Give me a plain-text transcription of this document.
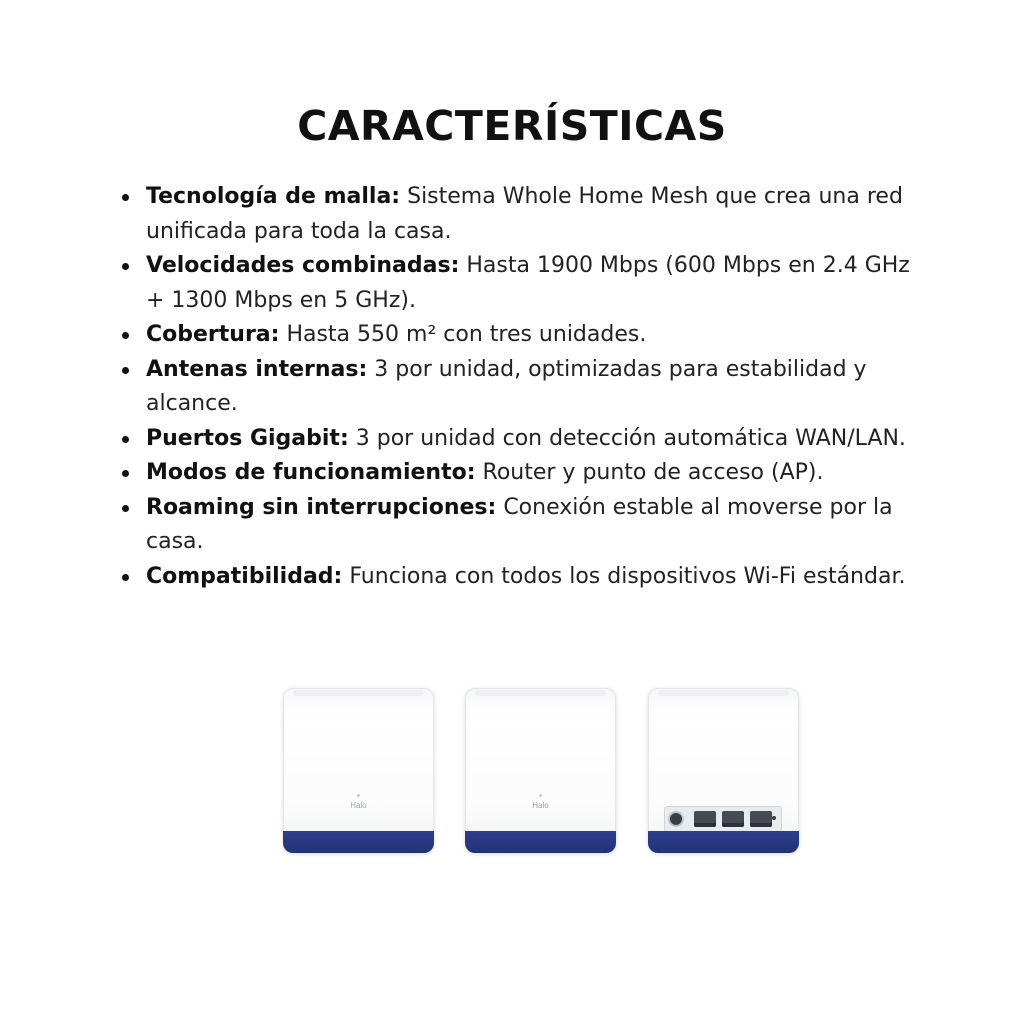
CARACTERÍSTICAS
Tecnología de malla: Sistema Whole Home Mesh que crea una red unificada para toda la casa.
Velocidades combinadas: Hasta 1900 Mbps (600 Mbps en 2.4 GHz + 1300 Mbps en 5 GHz).
Cobertura: Hasta 550 m² con tres unidades.
Antenas internas: 3 por unidad, optimizadas para estabilidad y alcance.
Puertos Gigabit: 3 por unidad con detección automática WAN/LAN.
Modos de funcionamiento: Router y punto de acceso (AP).
Roaming sin interrupciones: Conexión estable al moverse por la casa.
Compatibilidad: Funciona con todos los dispositivos Wi-Fi estándar.
Halo	Halo
